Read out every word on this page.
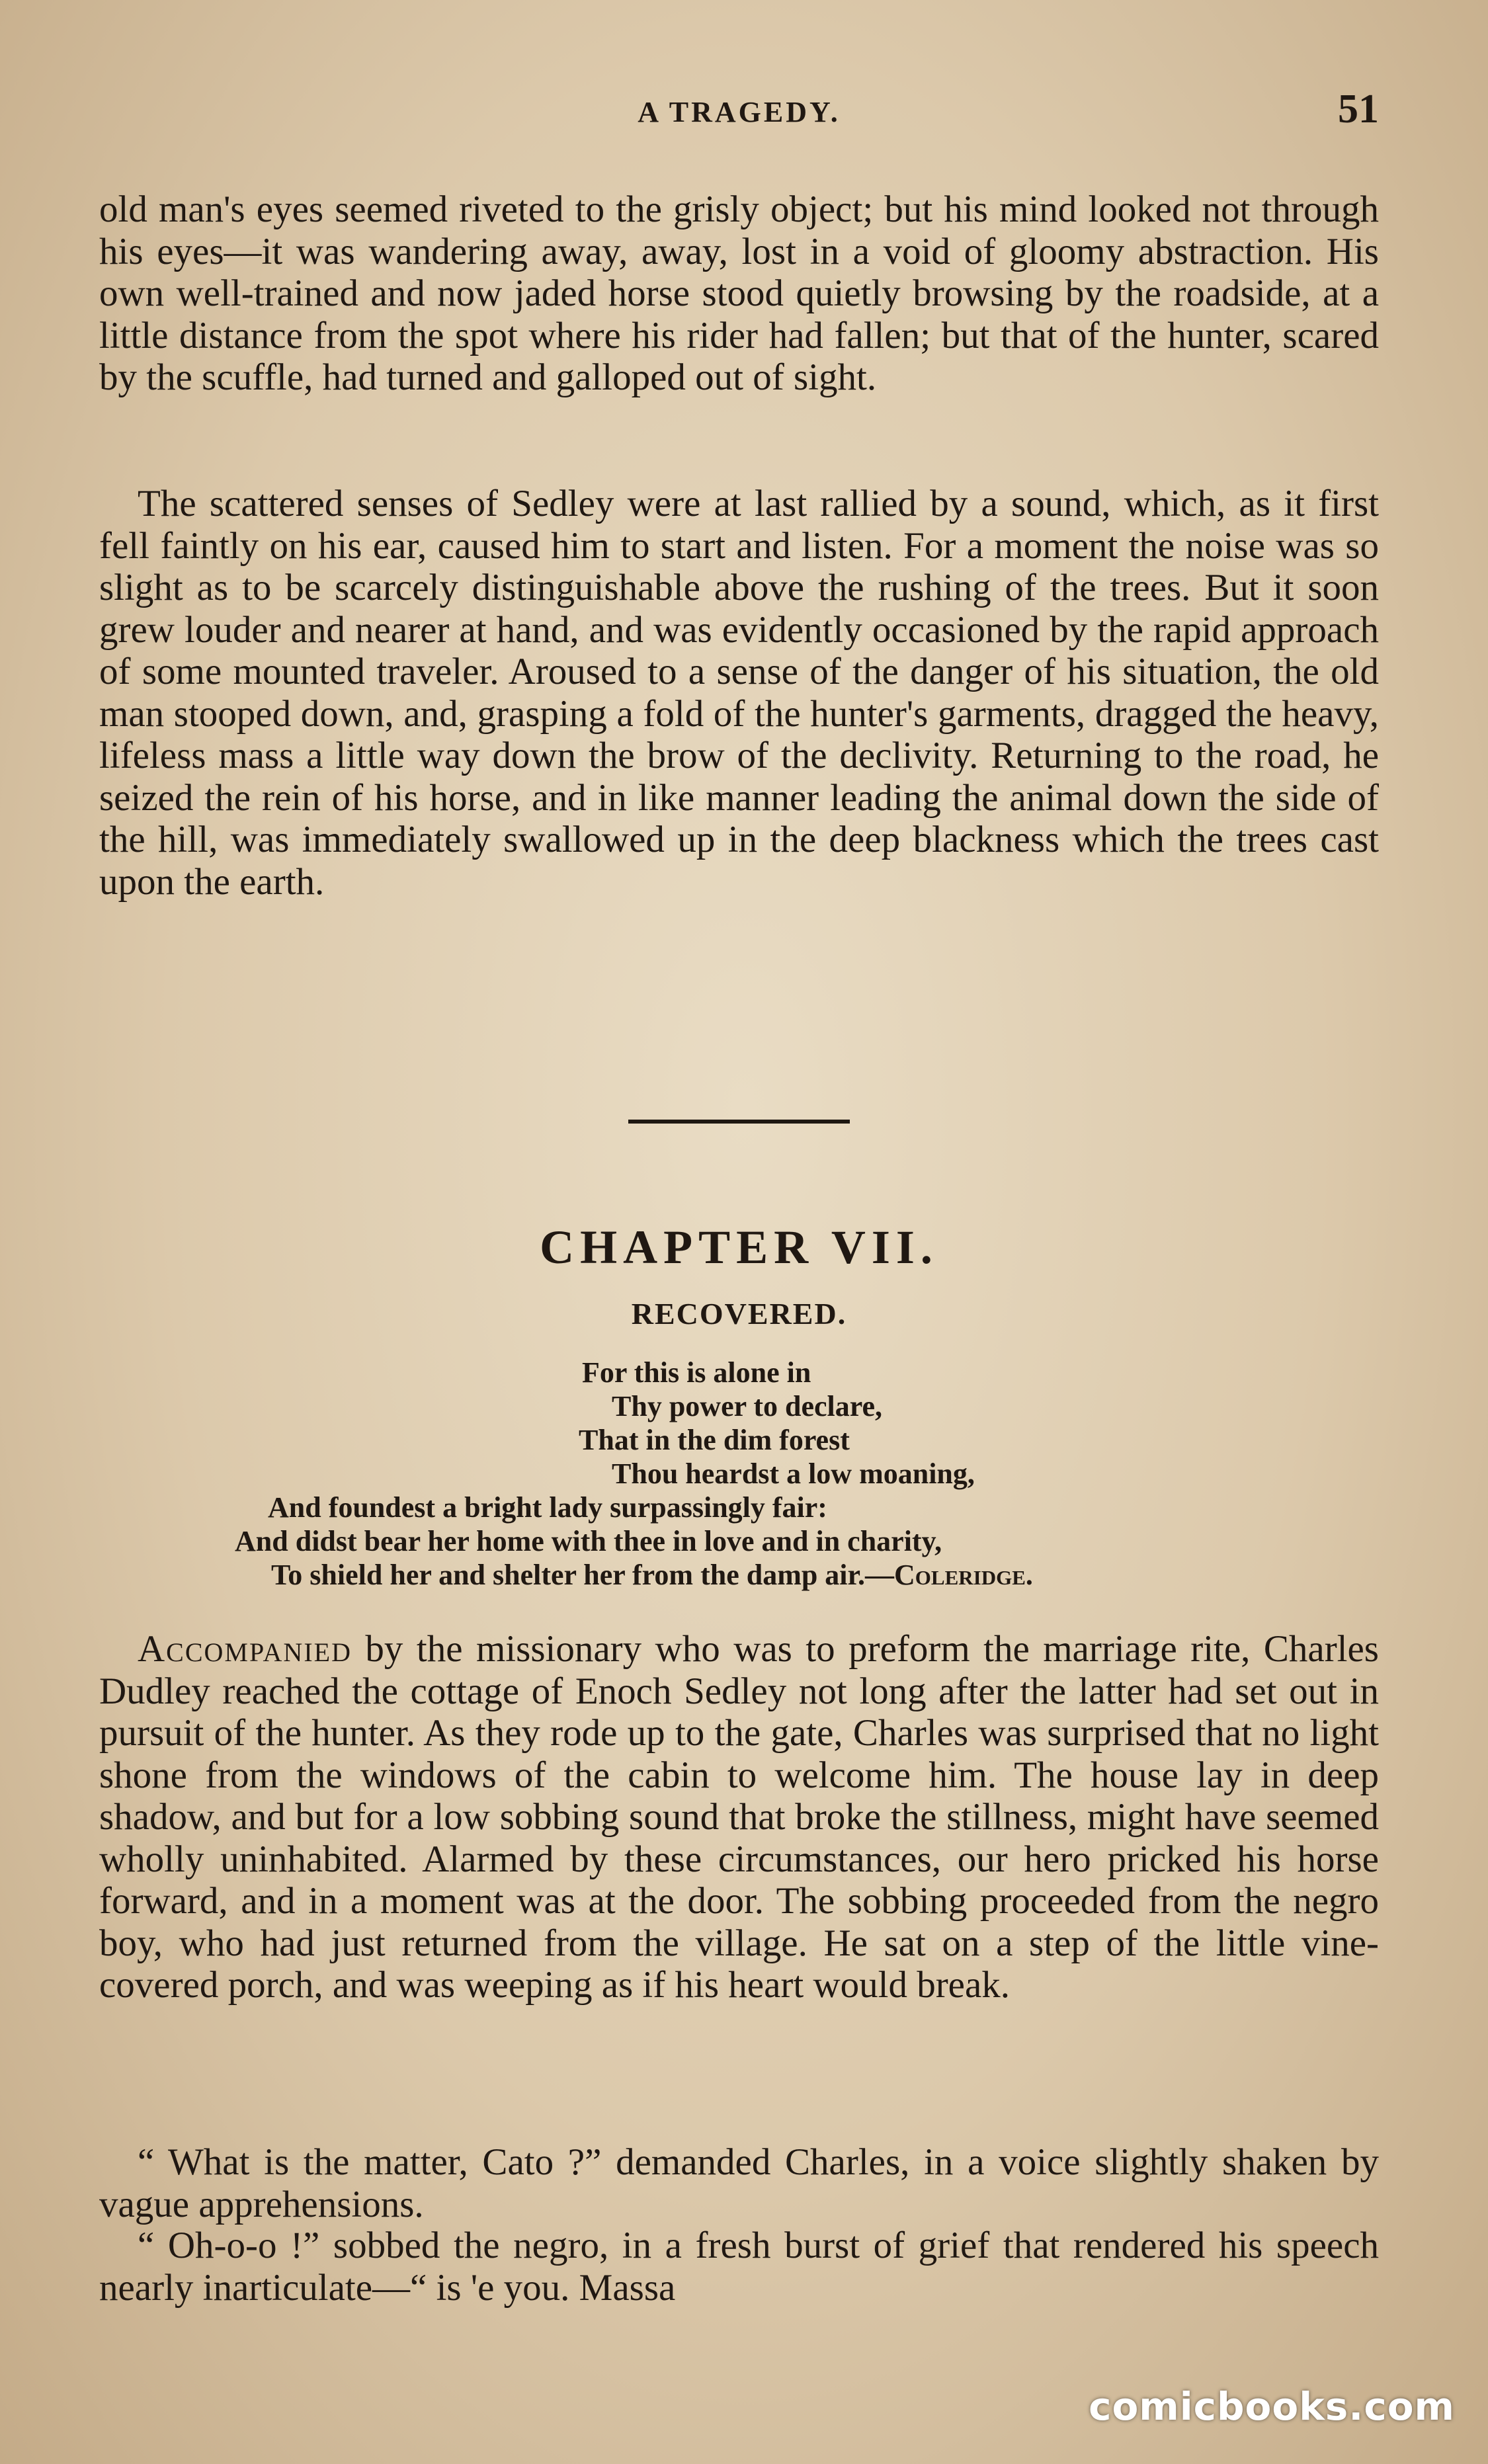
A TRAGEDY.	51

old man's eyes seemed riveted to the grisly object; but his mind looked not through his eyes—it was wandering away, away, lost in a void of gloomy abstraction. His own well-trained and now jaded horse stood quietly browsing by the roadside, at a little distance from the spot where his rider had fallen; but that of the hunter, scared by the scuffle, had turned and galloped out of sight.

The scattered senses of Sedley were at last rallied by a sound, which, as it first fell faintly on his ear, caused him to start and listen. For a moment the noise was so slight as to be scarcely distinguishable above the rushing of the trees. But it soon grew louder and nearer at hand, and was evidently occasioned by the rapid approach of some mounted traveler. Aroused to a sense of the danger of his situation, the old man stooped down, and, grasping a fold of the hunter's garments, dragged the heavy, lifeless mass a little way down the brow of the declivity. Returning to the road, he seized the rein of his horse, and in like manner leading the animal down the side of the hill, was immediately swallowed up in the deep blackness which the trees cast upon the earth.

CHAPTER VII.
RECOVERED.
For this is alone in
Thy power to declare,
That in the dim forest
Thou heardst a low moaning,
And foundest a bright lady surpassingly fair:
And didst bear her home with thee in love and in charity,
To shield her and shelter her from the damp air.—Coleridge.

Accompanied by the missionary who was to preform the marriage rite, Charles Dudley reached the cottage of Enoch Sedley not long after the latter had set out in pursuit of the hunter. As they rode up to the gate, Charles was surprised that no light shone from the windows of the cabin to welcome him. The house lay in deep shadow, and but for a low sobbing sound that broke the stillness, might have seemed wholly uninhabited. Alarmed by these circumstances, our hero pricked his horse forward, and in a moment was at the door. The sobbing proceeded from the negro boy, who had just returned from the village. He sat on a step of the little vine-covered porch, and was weeping as if his heart would break.

“ What is the matter, Cato ?” demanded Charles, in a voice slightly shaken by vague apprehensions.

“ Oh-o-o !” sobbed the negro, in a fresh burst of grief that rendered his speech nearly inarticulate—“ is 'e you. Massa

comicbooks.com
